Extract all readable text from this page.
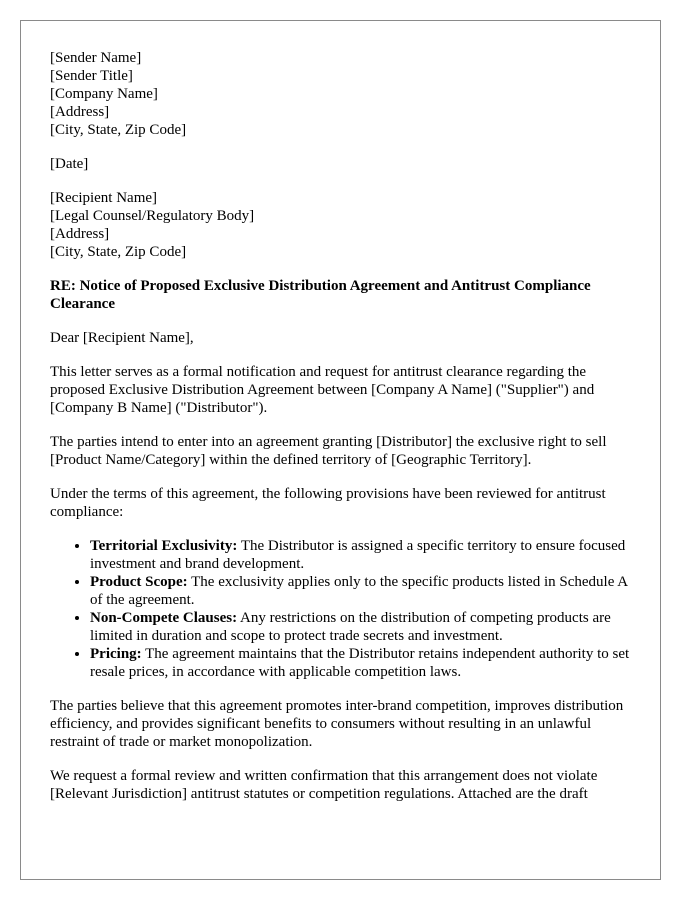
[Sender Name]
[Sender Title]
[Company Name]
[Address]
[City, State, Zip Code]
[Date]
[Recipient Name]
[Legal Counsel/Regulatory Body]
[Address]
[City, State, Zip Code]

RE: Notice of Proposed Exclusive Distribution Agreement and Antitrust Compliance Clearance

Dear [Recipient Name],

This letter serves as a formal notification and request for antitrust clearance regarding the proposed Exclusive Distribution Agreement between [Company A Name] ("Supplier") and [Company B Name] ("Distributor").

The parties intend to enter into an agreement granting [Distributor] the exclusive right to sell [Product Name/Category] within the defined territory of [Geographic Territory].

Under the terms of this agreement, the following provisions have been reviewed for antitrust compliance:

• Territorial Exclusivity: The Distributor is assigned a specific territory to ensure focused investment and brand development.
• Product Scope: The exclusivity applies only to the specific products listed in Schedule A of the agreement.
• Non-Compete Clauses: Any restrictions on the distribution of competing products are limited in duration and scope to protect trade secrets and investment.
• Pricing: The agreement maintains that the Distributor retains independent authority to set resale prices, in accordance with applicable competition laws.

The parties believe that this agreement promotes inter-brand competition, improves distribution efficiency, and provides significant benefits to consumers without resulting in an unlawful restraint of trade or market monopolization.

We request a formal review and written confirmation that this arrangement does not violate [Relevant Jurisdiction] antitrust statutes or competition regulations. Attached are the draft
